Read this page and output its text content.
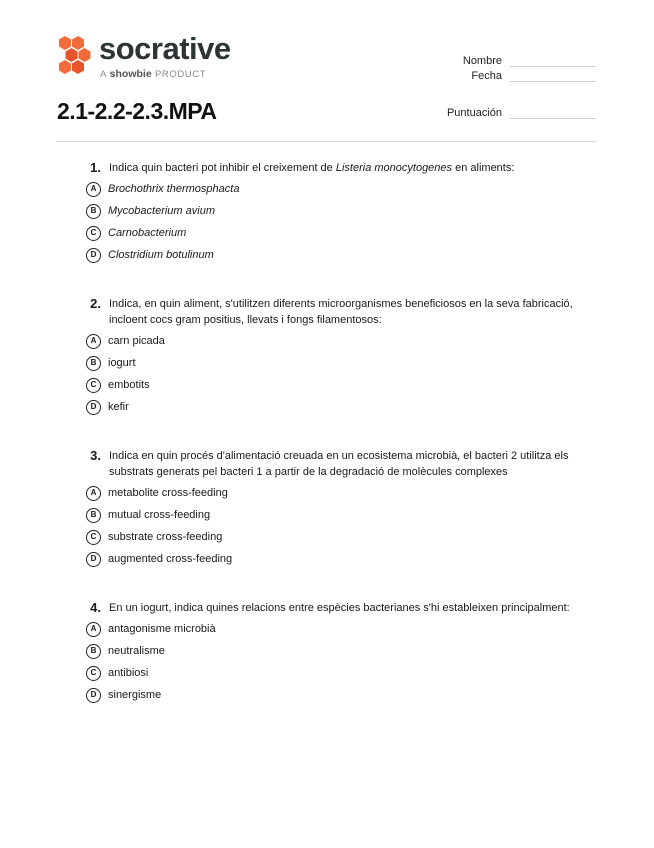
socrative
A showbie PRODUCT
Nombre
Fecha
Puntuación
2.1-2.2-2.3.MPA
1. Indica quin bacteri pot inhibir el creixement de Listeria monocytogenes en aliments:
A	Brochothrix thermosphacta
B	Mycobacterium avium
C	Carnobacterium
D	Clostridium botulinum
2. Indica, en quin aliment, s'utilitzen diferents microorganismes beneficiosos en la seva fabricació, incloent cocs gram positius, llevats i fongs filamentosos:
A	carn picada
B	iogurt
C	embotits
D	kefir
3. Indica en quin procés d'alimentació creuada en un ecosistema microbià, el bacteri 2 utilitza els substrats generats pel bacteri 1 a partir de la degradació de molècules complexes
A	metabolite cross-feeding
B	mutual cross-feeding
C	substrate cross-feeding
D	augmented cross-feeding
4. En un iogurt, indica quines relacions entre espècies bacterianes s'hi estableixen principalment:
A	antagonisme microbià
B	neutralisme
C	antibiosi
D	sinergisme
